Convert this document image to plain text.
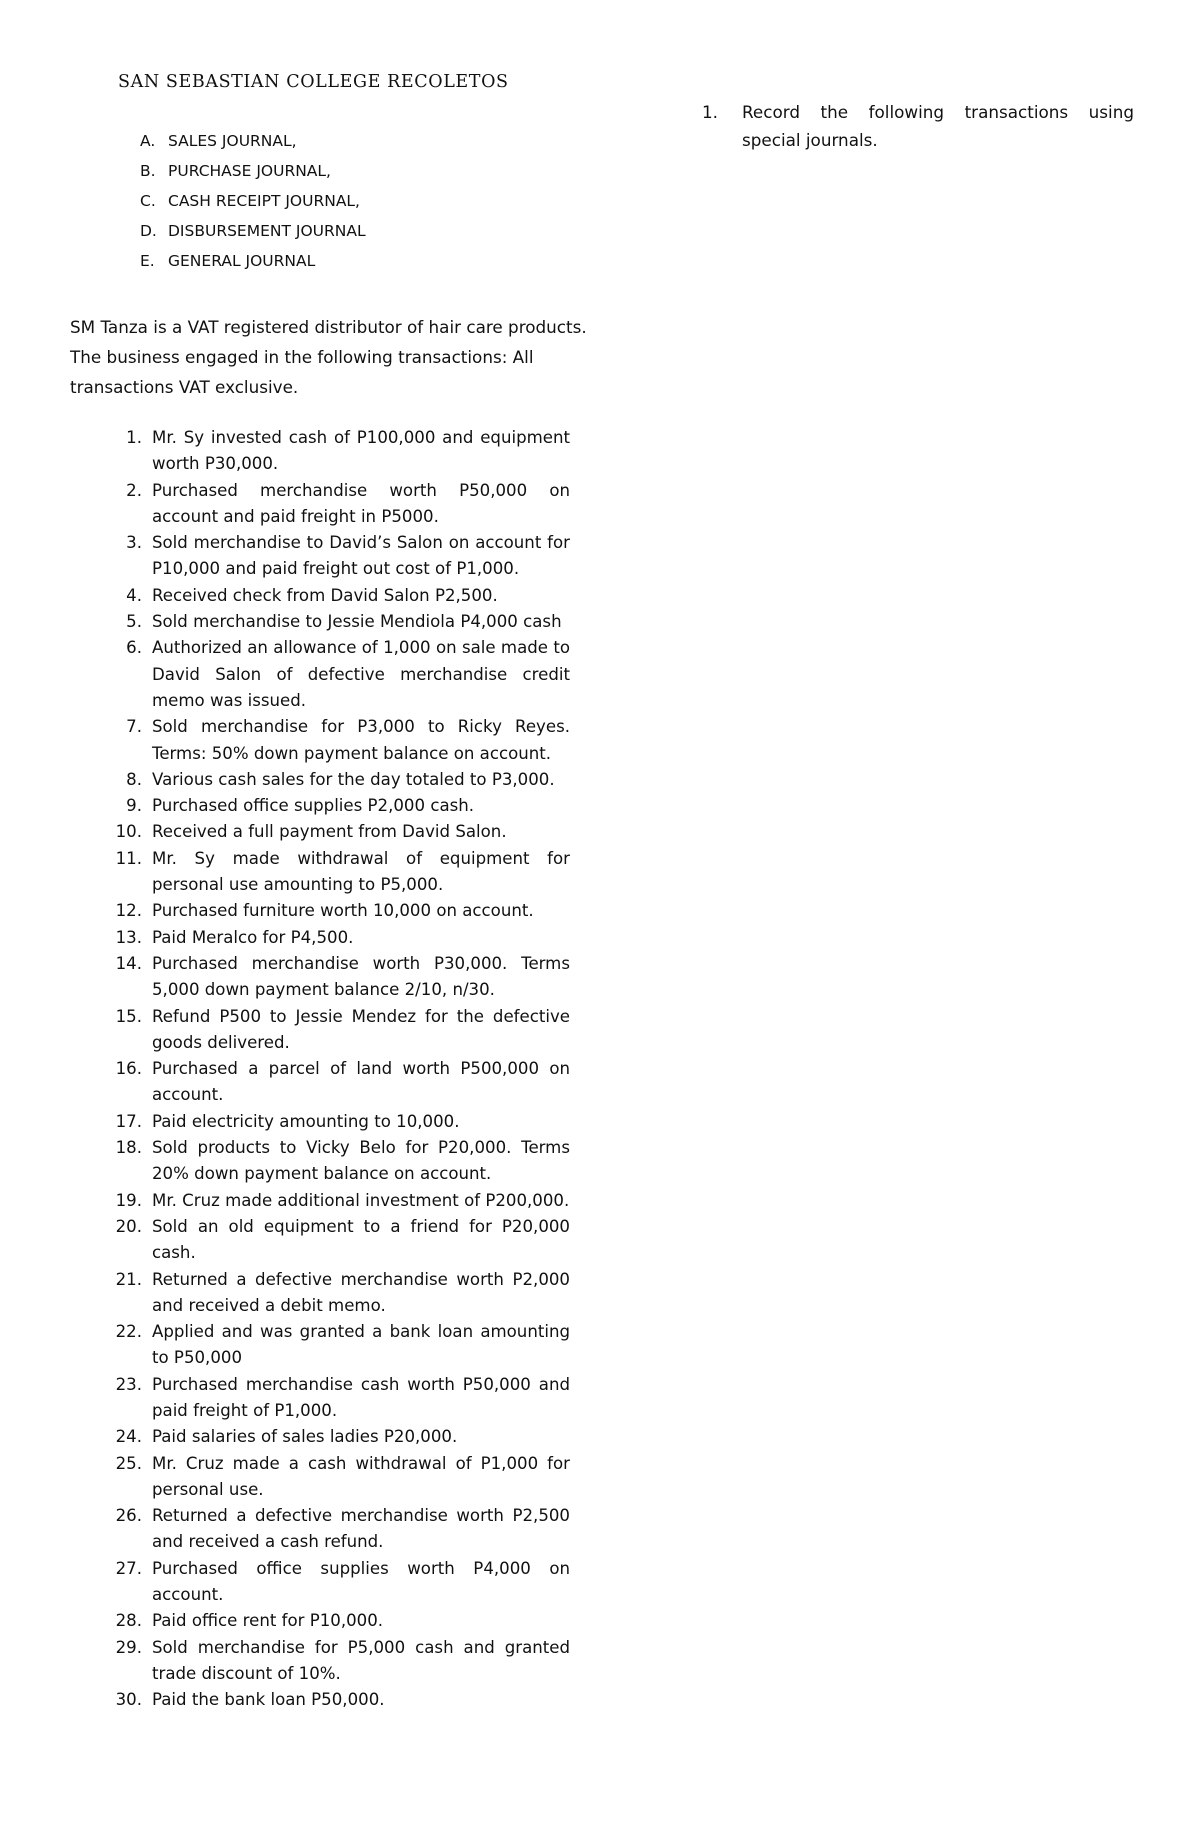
SAN SEBASTIAN COLLEGE RECOLETOS
A. SALES JOURNAL,
B. PURCHASE JOURNAL,
C. CASH RECEIPT JOURNAL,
D. DISBURSEMENT JOURNAL
E. GENERAL JOURNAL
SM Tanza is a VAT registered distributor of hair care products. The business engaged in the following transactions: All transactions VAT exclusive.
1.	Record the following transactions using special journals.
1. Mr. Sy invested cash of P100,000 and equipment worth P30,000.
2. Purchased merchandise worth P50,000 on account and paid freight in P5000.
3. Sold merchandise to David’s Salon on account for P10,000 and paid freight out cost of P1,000.
4. Received check from David Salon P2,500.
5. Sold merchandise to Jessie Mendiola P4,000 cash
6. Authorized an allowance of 1,000 on sale made to David Salon of defective merchandise credit memo was issued.
7. Sold merchandise for P3,000 to Ricky Reyes. Terms: 50% down payment balance on account.
8. Various cash sales for the day totaled to P3,000.
9. Purchased office supplies P2,000 cash.
10. Received a full payment from David Salon.
11. Mr. Sy made withdrawal of equipment for personal use amounting to P5,000.
12. Purchased furniture worth 10,000 on account.
13. Paid Meralco for P4,500.
14. Purchased merchandise worth P30,000. Terms 5,000 down payment balance 2/10, n/30.
15. Refund P500 to Jessie Mendez for the defective goods delivered.
16. Purchased a parcel of land worth P500,000 on account.
17. Paid electricity amounting to 10,000.
18. Sold products to Vicky Belo for P20,000. Terms 20% down payment balance on account.
19. Mr. Cruz made additional investment of P200,000.
20. Sold an old equipment to a friend for P20,000 cash.
21. Returned a defective merchandise worth P2,000 and received a debit memo.
22. Applied and was granted a bank loan amounting to P50,000
23. Purchased merchandise cash worth P50,000 and paid freight of P1,000.
24. Paid salaries of sales ladies P20,000.
25. Mr. Cruz made a cash withdrawal of P1,000 for personal use.
26. Returned a defective merchandise worth P2,500 and received a cash refund.
27. Purchased office supplies worth P4,000 on account.
28. Paid office rent for P10,000.
29. Sold merchandise for P5,000 cash and granted trade discount of 10%.
30. Paid the bank loan P50,000.
